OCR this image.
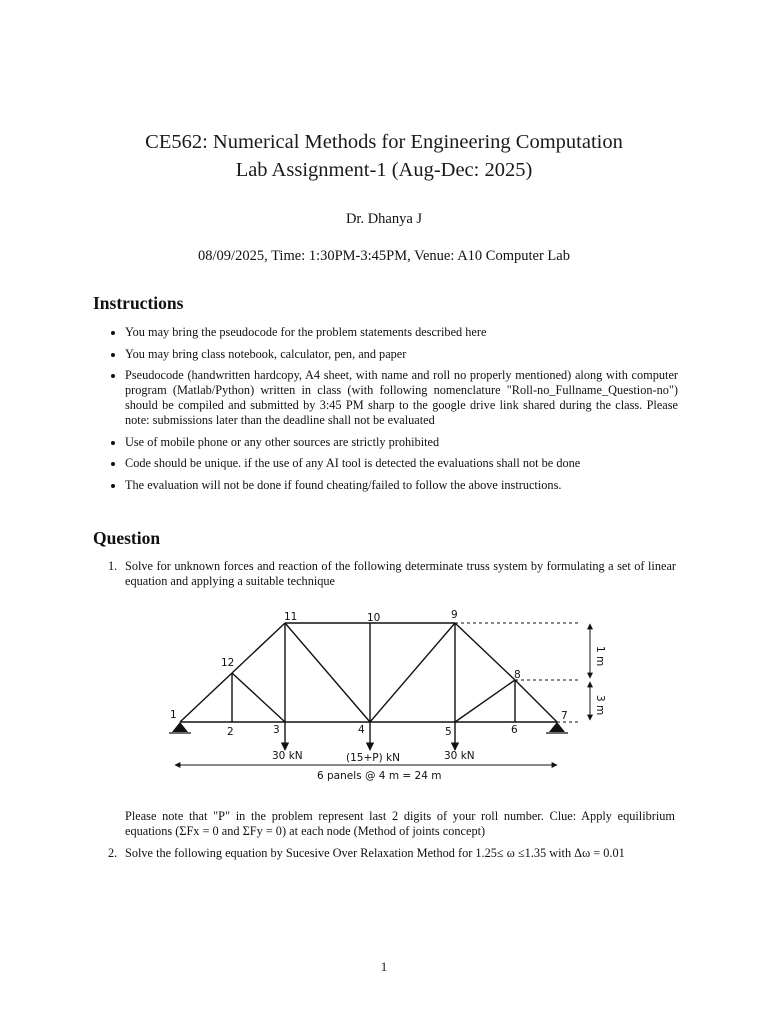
CE562: Numerical Methods for Engineering Computation
Lab Assignment-1 (Aug-Dec: 2025)
Dr. Dhanya J
08/09/2025, Time: 1:30PM-3:45PM, Venue: A10 Computer Lab
Instructions
You may bring the pseudocode for the problem statements described here
You may bring class notebook, calculator, pen, and paper
Pseudocode (handwritten hardcopy, A4 sheet, with name and roll no properly mentioned) along with computer program (Matlab/Python) written in class (with following nomenclature "Roll-no_Fullname_Question-no") should be compiled and submitted by 3:45 PM sharp to the google drive link shared during the class. Please note: submissions later than the deadline shall not be evaluated
Use of mobile phone or any other sources are strictly prohibited
Code should be unique. if the use of any AI tool is detected the evaluations shall not be done
The evaluation will not be done if found cheating/failed to follow the above instructions.
Question
1. Solve for unknown forces and reaction of the following determinate truss system by formulating a set of linear equation and applying a suitable technique
1 m
3 m
30 kN	(15+P) kN	30 kN
6 panels @ 4 m = 24 m
1
2	3	4	5	6
7
8
9
10
11
12
Please note that "P" in the problem represent last 2 digits of your roll number. Clue: Apply equilibrium equations (ΣFx = 0 and ΣFy = 0) at each node (Method of joints concept)
2. Solve the following equation by Sucesive Over Relaxation Method for 1.25≤ ω ≤1.35 with Δω = 0.01
1
